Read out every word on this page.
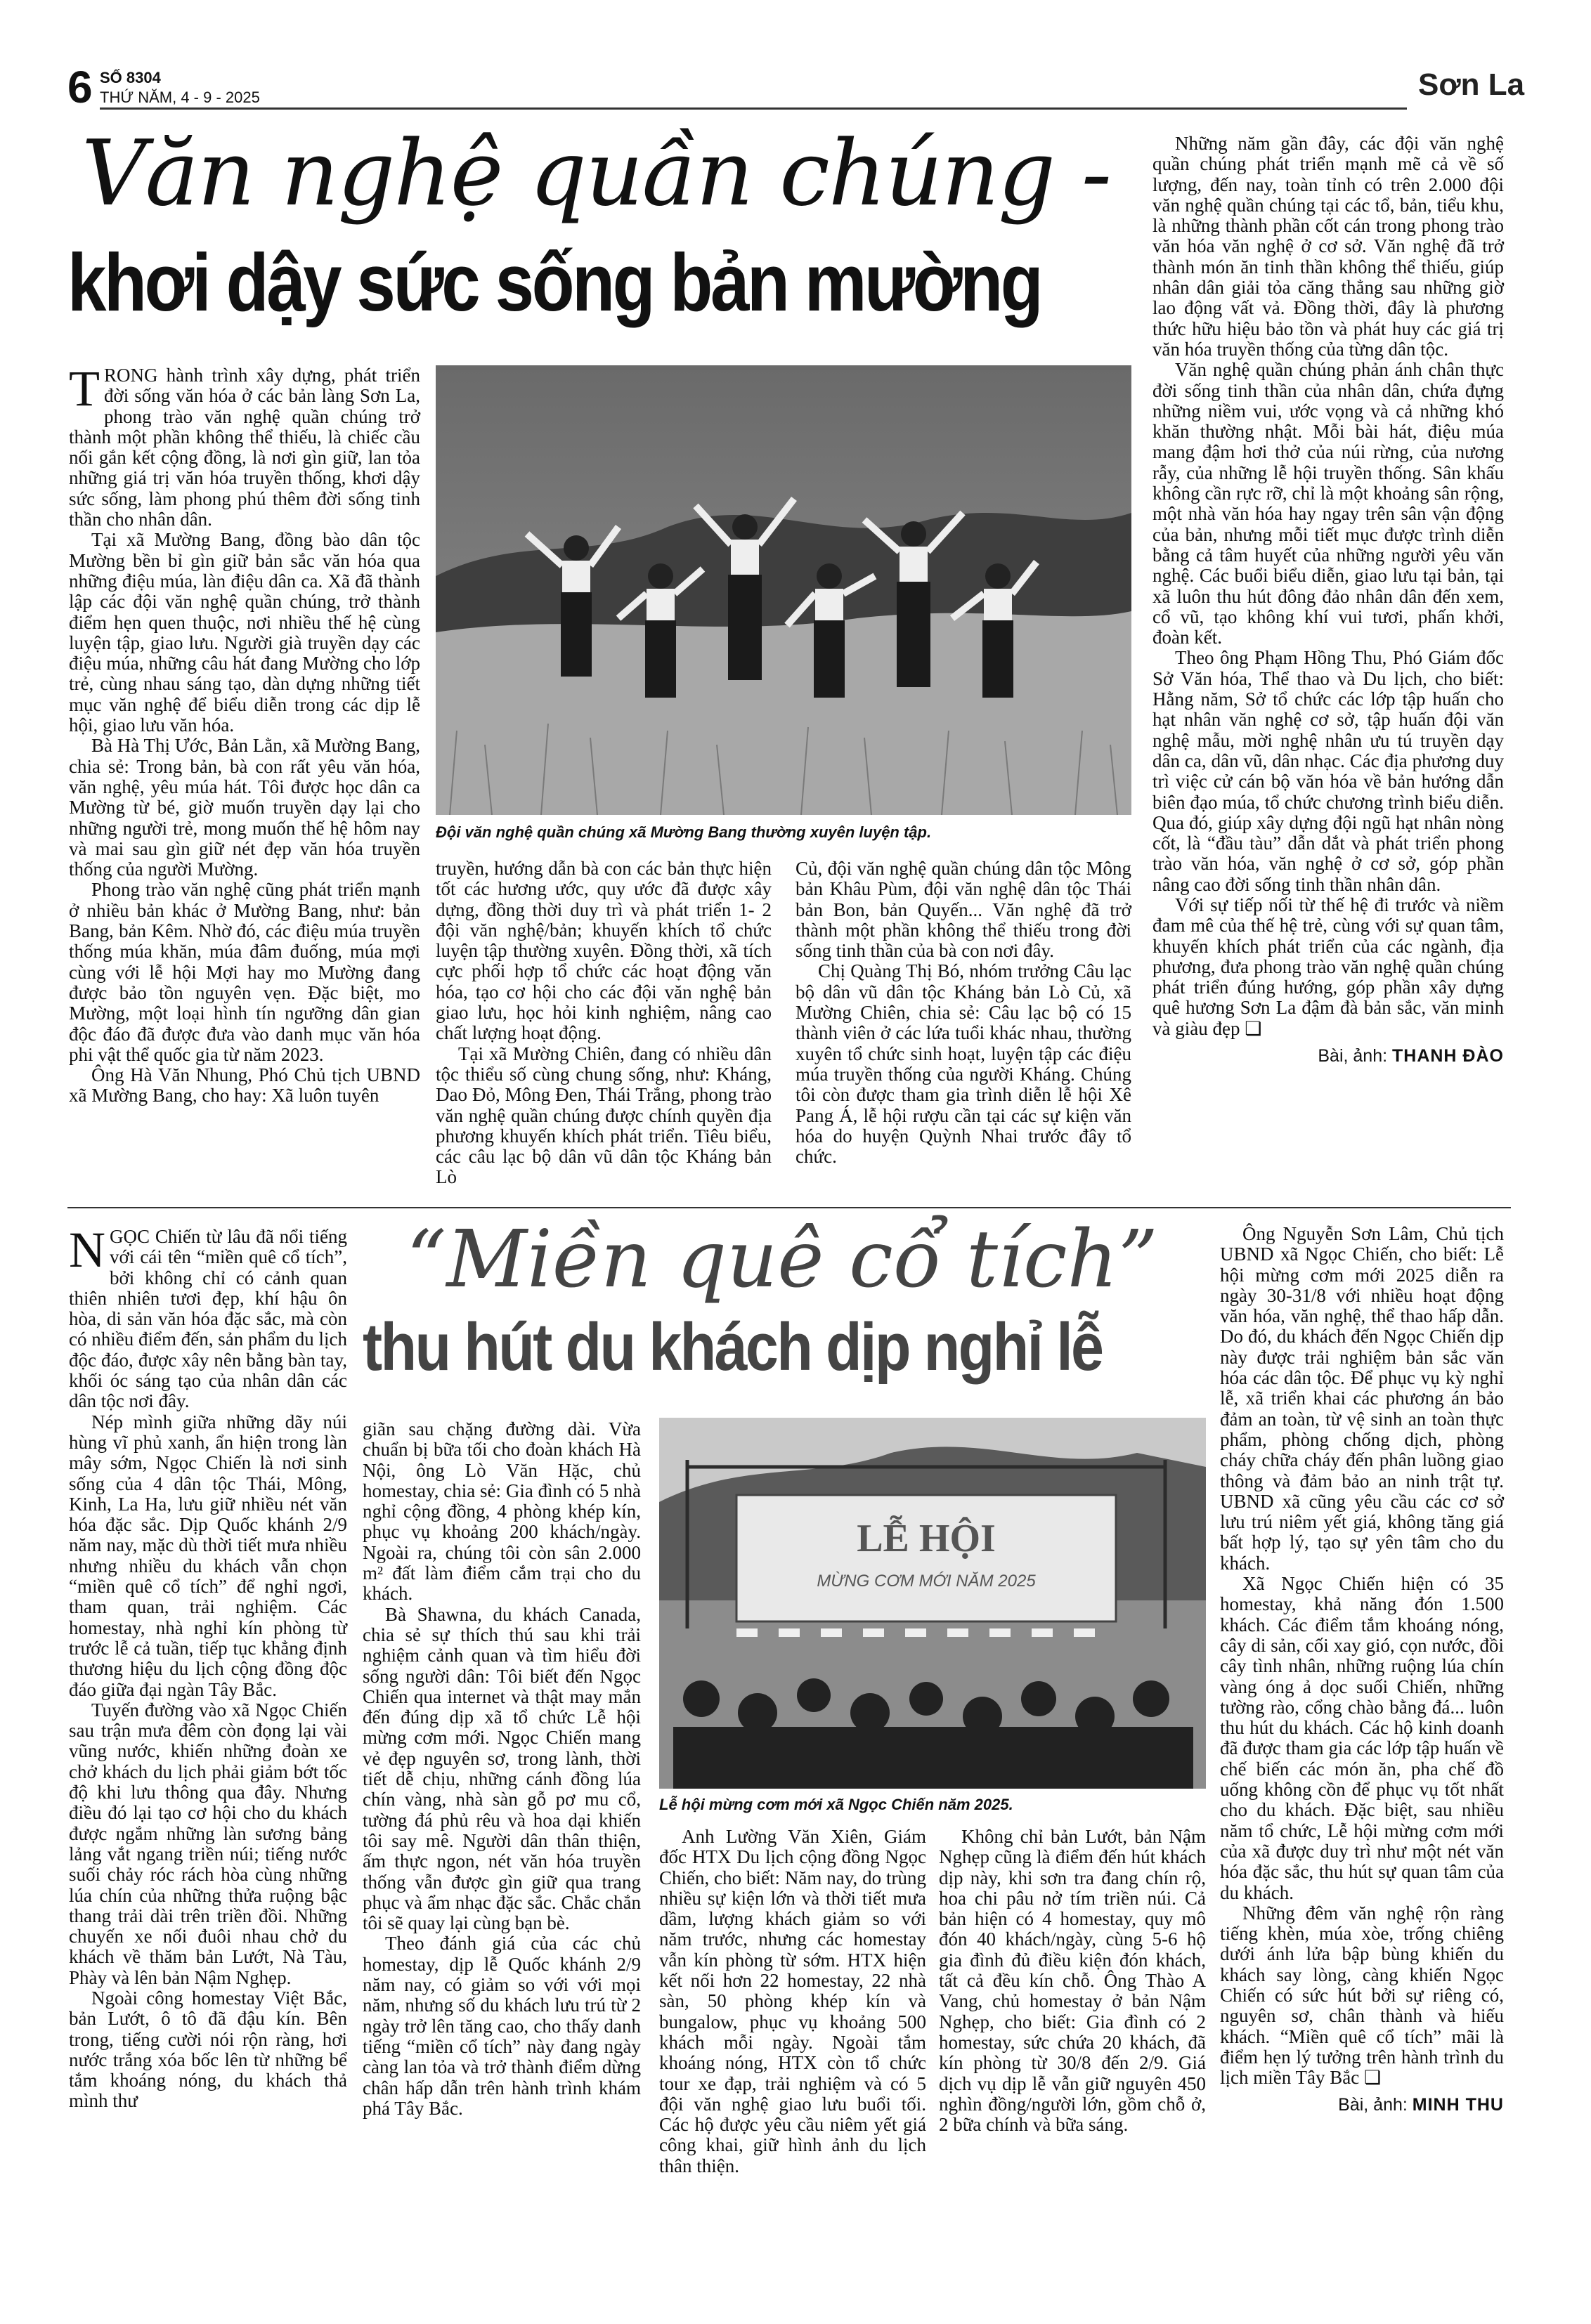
6 SỐ 8304
THỨ NĂM, 4 - 9 - 2025	Sơn La
Văn nghệ quần chúng -
khơi dậy sức sống bản mường

TRONG hành trình xây dựng, phát triển đời sống văn hóa ở các bản làng Sơn La, phong trào văn nghệ quần chúng trở thành một phần không thể thiếu, là chiếc cầu nối gắn kết cộng đồng, là nơi gìn giữ, lan tỏa những giá trị văn hóa truyền thống, khơi dậy sức sống, làm phong phú thêm đời sống tinh thần cho nhân dân.

Tại xã Mường Bang, đồng bào dân tộc Mường bền bỉ gìn giữ bản sắc văn hóa qua những điệu múa, làn điệu dân ca. Xã đã thành lập các đội văn nghệ quần chúng, trở thành điểm hẹn quen thuộc, nơi nhiều thế hệ cùng luyện tập, giao lưu. Người già truyền dạy các điệu múa, những câu hát đang Mường cho lớp trẻ, cùng nhau sáng tạo, dàn dựng những tiết mục văn nghệ để biểu diễn trong các dịp lễ hội, giao lưu văn hóa.

Bà Hà Thị Ước, Bản Lằn, xã Mường Bang, chia sẻ: Trong bản, bà con rất yêu văn hóa, văn nghệ, yêu múa hát. Tôi được học dân ca Mường từ bé, giờ muốn truyền dạy lại cho những người trẻ, mong muốn thế hệ hôm nay và mai sau gìn giữ nét đẹp văn hóa truyền thống của người Mường.

Phong trào văn nghệ cũng phát triển mạnh ở nhiều bản khác ở Mường Bang, như: bản Bang, bản Kêm. Nhờ đó, các điệu múa truyền thống múa khăn, múa đâm đuống, múa mợi cùng với lễ hội Mợi hay mo Mường đang được bảo tồn nguyên vẹn. Đặc biệt, mo Mường, một loại hình tín ngưỡng dân gian độc đáo đã được đưa vào danh mục văn hóa phi vật thể quốc gia từ năm 2023.

Ông Hà Văn Nhung, Phó Chủ tịch UBND xã Mường Bang, cho hay: Xã luôn tuyên

Đội văn nghệ quần chúng xã Mường Bang thường xuyên luyện tập.

truyền, hướng dẫn bà con các bản thực hiện tốt các hương ước, quy ước đã được xây dựng, đồng thời duy trì và phát triển 1- 2 đội văn nghệ/bản; khuyến khích tổ chức luyện tập thường xuyên. Đồng thời, xã tích cực phối hợp tổ chức các hoạt động văn hóa, tạo cơ hội cho các đội văn nghệ bản giao lưu, học hỏi kinh nghiệm, nâng cao chất lượng hoạt động.

Tại xã Mường Chiên, đang có nhiều dân tộc thiểu số cùng chung sống, như: Kháng, Dao Đỏ, Mông Đen, Thái Trắng, phong trào văn nghệ quần chúng được chính quyền địa phương khuyến khích phát triển. Tiêu biểu, các câu lạc bộ dân vũ dân tộc Kháng bản Lò

Củ, đội văn nghệ quần chúng dân tộc Mông bản Khâu Pùm, đội văn nghệ dân tộc Thái bản Bon, bản Quyến... Văn nghệ đã trở thành một phần không thể thiếu trong đời sống tinh thần của bà con nơi đây.

Chị Quàng Thị Bó, nhóm trưởng Câu lạc bộ dân vũ dân tộc Kháng bản Lò Củ, xã Mường Chiên, chia sẻ: Câu lạc bộ có 15 thành viên ở các lứa tuổi khác nhau, thường xuyên tổ chức sinh hoạt, luyện tập các điệu múa truyền thống của người Kháng. Chúng tôi còn được tham gia trình diễn lễ hội Xê Pang Á, lễ hội rượu cần tại các sự kiện văn hóa do huyện Quỳnh Nhai trước đây tổ chức.

Những năm gần đây, các đội văn nghệ quần chúng phát triển mạnh mẽ cả về số lượng, đến nay, toàn tỉnh có trên 2.000 đội văn nghệ quần chúng tại các tổ, bản, tiểu khu, là những thành phần cốt cán trong phong trào văn hóa văn nghệ ở cơ sở. Văn nghệ đã trở thành món ăn tinh thần không thể thiếu, giúp nhân dân giải tỏa căng thẳng sau những giờ lao động vất vả. Đồng thời, đây là phương thức hữu hiệu bảo tồn và phát huy các giá trị văn hóa truyền thống của từng dân tộc.

Văn nghệ quần chúng phản ánh chân thực đời sống tinh thần của nhân dân, chứa đựng những niềm vui, ước vọng và cả những khó khăn thường nhật. Mỗi bài hát, điệu múa mang đậm hơi thở của núi rừng, của nương rẫy, của những lễ hội truyền thống. Sân khấu không cần rực rỡ, chỉ là một khoảng sân rộng, một nhà văn hóa hay ngay trên sân vận động của bản, nhưng mỗi tiết mục được trình diễn bằng cả tâm huyết của những người yêu văn nghệ. Các buổi biểu diễn, giao lưu tại bản, tại xã luôn thu hút đông đảo nhân dân đến xem, cổ vũ, tạo không khí vui tươi, phấn khởi, đoàn kết.

Theo ông Phạm Hồng Thu, Phó Giám đốc Sở Văn hóa, Thể thao và Du lịch, cho biết: Hằng năm, Sở tổ chức các lớp tập huấn cho hạt nhân văn nghệ cơ sở, tập huấn đội văn nghệ mẫu, mời nghệ nhân ưu tú truyền dạy dân ca, dân vũ, dân nhạc. Các địa phương duy trì việc cử cán bộ văn hóa về bản hướng dẫn biên đạo múa, tổ chức chương trình biểu diễn. Qua đó, giúp xây dựng đội ngũ hạt nhân nòng cốt, là “đầu tàu” dẫn dắt và phát triển phong trào văn hóa, văn nghệ ở cơ sở, góp phần nâng cao đời sống tinh thần nhân dân.

Với sự tiếp nối từ thế hệ đi trước và niềm đam mê của thế hệ trẻ, cùng với sự quan tâm, khuyến khích phát triển của các ngành, địa phương, đưa phong trào văn nghệ quần chúng phát triển đúng hướng, góp phần xây dựng quê hương Sơn La đậm đà bản sắc, văn minh và giàu đẹp ❏

Bài, ảnh: THANH ĐÀO
“Miền quê cổ tích”
thu hút du khách dịp nghỉ lễ

NGỌC Chiến từ lâu đã nổi tiếng với cái tên “miền quê cổ tích”, bởi không chỉ có cảnh quan thiên nhiên tươi đẹp, khí hậu ôn hòa, di sản văn hóa đặc sắc, mà còn có nhiều điểm đến, sản phẩm du lịch độc đáo, được xây nên bằng bàn tay, khối óc sáng tạo của nhân dân các dân tộc nơi đây.

Nép mình giữa những dãy núi hùng vĩ phủ xanh, ẩn hiện trong làn mây sớm, Ngọc Chiến là nơi sinh sống của 4 dân tộc Thái, Mông, Kinh, La Ha, lưu giữ nhiều nét văn hóa đặc sắc. Dịp Quốc khánh 2/9 năm nay, mặc dù thời tiết mưa nhiều nhưng nhiều du khách vẫn chọn “miền quê cổ tích” để nghỉ ngơi, tham quan, trải nghiệm. Các homestay, nhà nghỉ kín phòng từ trước lễ cả tuần, tiếp tục khẳng định thương hiệu du lịch cộng đồng độc đáo giữa đại ngàn Tây Bắc.

Tuyến đường vào xã Ngọc Chiến sau trận mưa đêm còn đọng lại vài vũng nước, khiến những đoàn xe chở khách du lịch phải giảm bớt tốc độ khi lưu thông qua đây. Nhưng điều đó lại tạo cơ hội cho du khách được ngắm những làn sương bảng lảng vắt ngang triền núi; tiếng nước suối chảy róc rách hòa cùng những lúa chín của những thửa ruộng bậc thang trải dài trên triền đồi. Những chuyến xe nối đuôi nhau chở du khách về thăm bản Lướt, Nà Tàu, Phày và lên bản Nậm Nghẹp.

Ngoài công homestay Việt Bắc, bản Lướt, ô tô đã đậu kín. Bên trong, tiếng cười nói rộn ràng, hơi nước trắng xóa bốc lên từ những bể tắm khoáng nóng, du khách thả mình thư

giãn sau chặng đường dài. Vừa chuẩn bị bữa tối cho đoàn khách Hà Nội, ông Lò Văn Hặc, chủ homestay, chia sẻ: Gia đình có 5 nhà nghỉ cộng đồng, 4 phòng khép kín, phục vụ khoảng 200 khách/ngày. Ngoài ra, chúng tôi còn sân 2.000 m² đất làm điểm cắm trại cho du khách.

Bà Shawna, du khách Canada, chia sẻ sự thích thú sau khi trải nghiệm cảnh quan và tìm hiểu đời sống người dân: Tôi biết đến Ngọc Chiến qua internet và thật may mắn đến đúng dịp xã tổ chức Lễ hội mừng cơm mới. Ngọc Chiến mang vẻ đẹp nguyên sơ, trong lành, thời tiết dễ chịu, những cánh đồng lúa chín vàng, nhà sàn gỗ pơ mu cổ, tường đá phủ rêu và hoa dại khiến tôi say mê. Người dân thân thiện, ấm thực ngon, nét văn hóa truyền thống vẫn được gìn giữ qua trang phục và ẩm nhạc đặc sắc. Chắc chắn tôi sẽ quay lại cùng bạn bè.

Theo đánh giá của các chủ homestay, dịp lễ Quốc khánh 2/9 năm nay, có giảm so với với mọi năm, nhưng số du khách lưu trú từ 2 ngày trở lên tăng cao, cho thấy danh tiếng “miền cổ tích” này đang ngày càng lan tỏa và trở thành điểm dừng chân hấp dẫn trên hành trình khám phá Tây Bắc.

LỄ HỘI
MỪNG CƠM MỚI NĂM 2025
Lễ hội mừng cơm mới xã Ngọc Chiến năm 2025.

Anh Lường Văn Xiên, Giám đốc HTX Du lịch cộng đồng Ngọc Chiến, cho biết: Năm nay, do trùng nhiều sự kiện lớn và thời tiết mưa dầm, lượng khách giảm so với năm trước, nhưng các homestay vẫn kín phòng từ sớm. HTX hiện kết nối hơn 22 homestay, 22 nhà sàn, 50 phòng khép kín và bungalow, phục vụ khoảng 500 khách mỗi ngày. Ngoài tắm khoáng nóng, HTX còn tổ chức tour xe đạp, trải nghiệm và có 5 đội văn nghệ giao lưu buổi tối. Các hộ được yêu cầu niêm yết giá công khai, giữ hình ảnh du lịch thân thiện.

Không chỉ bản Lướt, bản Nậm Nghẹp cũng là điểm đến hút khách dịp này, khi sơn tra đang chín rộ, hoa chi pâu nở tím triền núi. Cả bản hiện có 4 homestay, quy mô đón 40 khách/ngày, cùng 5-6 hộ gia đình đủ điều kiện đón khách, tất cả đều kín chỗ. Ông Thào A Vang, chủ homestay ở bản Nậm Nghẹp, cho biết: Gia đình có 2 homestay, sức chứa 20 khách, đã kín phòng từ 30/8 đến 2/9. Giá dịch vụ dịp lễ vẫn giữ nguyên 450 nghìn đồng/người lớn, gồm chỗ ở, 2 bữa chính và bữa sáng.

Ông Nguyễn Sơn Lâm, Chủ tịch UBND xã Ngọc Chiến, cho biết: Lễ hội mừng cơm mới 2025 diễn ra ngày 30-31/8 với nhiều hoạt động văn hóa, văn nghệ, thể thao hấp dẫn. Do đó, du khách đến Ngọc Chiến dịp này được trải nghiệm bản sắc văn hóa các dân tộc. Để phục vụ kỳ nghỉ lễ, xã triển khai các phương án bảo đảm an toàn, từ vệ sinh an toàn thực phẩm, phòng chống dịch, phòng cháy chữa cháy đến phân luồng giao thông và đảm bảo an ninh trật tự. UBND xã cũng yêu cầu các cơ sở lưu trú niêm yết giá, không tăng giá bất hợp lý, tạo sự yên tâm cho du khách.

Xã Ngọc Chiến hiện có 35 homestay, khả năng đón 1.500 khách. Các điểm tắm khoáng nóng, cây di sản, cối xay gió, cọn nước, đồi cây tình nhân, những ruộng lúa chín vàng óng ả dọc suối Chiến, những tường rào, cổng chào bằng đá... luôn thu hút du khách. Các hộ kinh doanh đã được tham gia các lớp tập huấn về chế biến các món ăn, pha chế đồ uống không cồn để phục vụ tốt nhất cho du khách. Đặc biệt, sau nhiều năm tổ chức, Lễ hội mừng cơm mới của xã được duy trì như một nét văn hóa đặc sắc, thu hút sự quan tâm của du khách.

Những đêm văn nghệ rộn ràng tiếng khèn, múa xòe, trống chiêng dưới ánh lửa bập bùng khiến du khách say lòng, càng khiến Ngọc Chiến có sức hút bởi sự riêng có, nguyên sơ, chân thành và hiếu khách. “Miền quê cổ tích” mãi là điểm hẹn lý tưởng trên hành trình du lịch miền Tây Bắc ❏

Bài, ảnh: MINH THU
